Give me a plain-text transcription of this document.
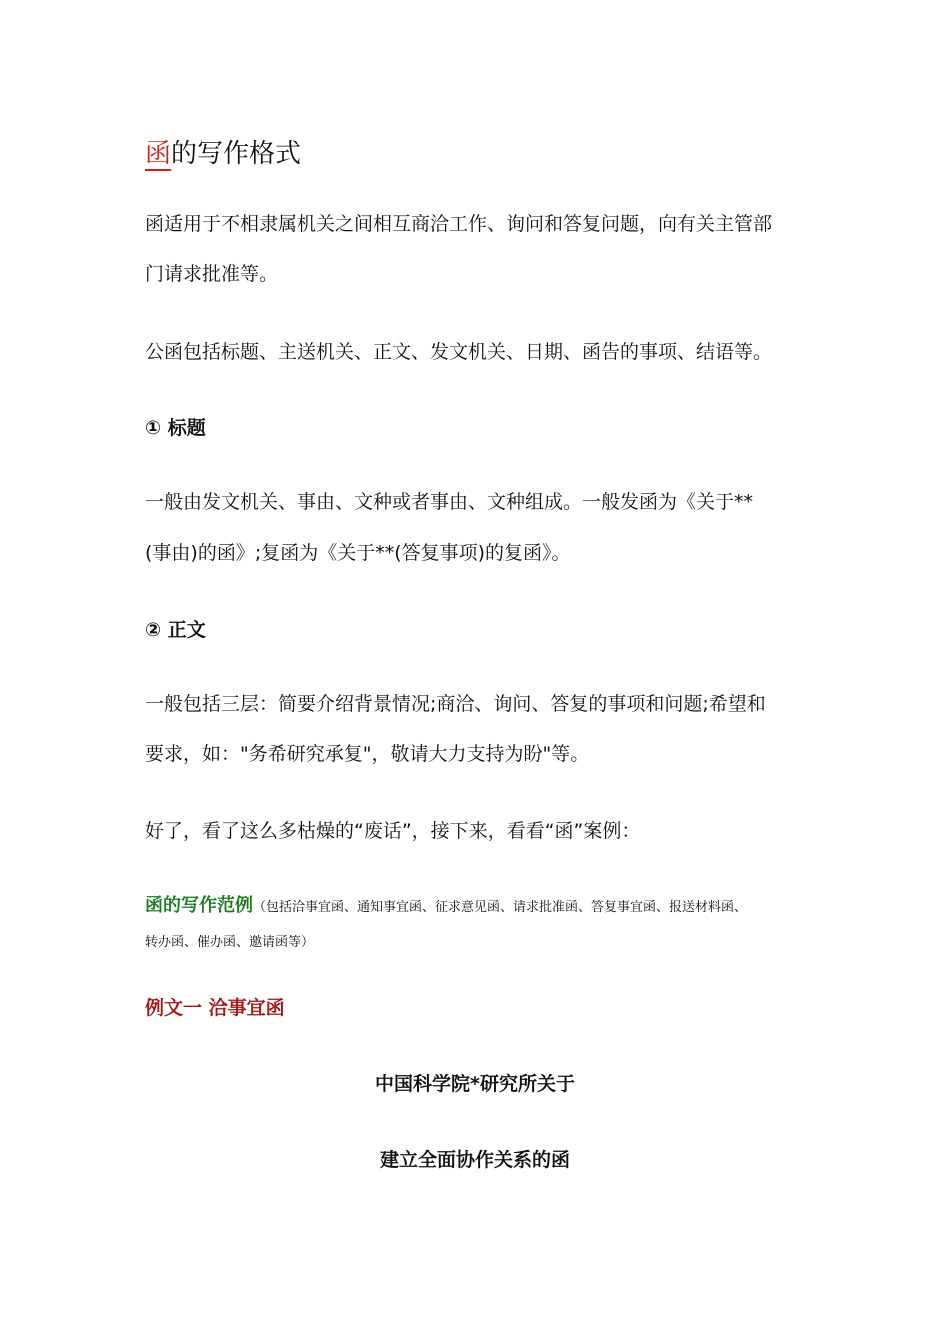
函的写作格式
函适用于不相隶属机关之间相互商洽工作、询问和答复问题，向有关主管部
门请求批准等。
公函包括标题、主送机关、正文、发文机关、日期、函告的事项、结语等。
① 标题
一般由发文机关、事由、文种或者事由、文种组成。一般发函为《关于**
(事由)的函》;复函为《关于**(答复事项)的复函》。
② 正文
一般包括三层：简要介绍背景情况;商洽、询问、答复的事项和问题;希望和
要求，如："务希研究承复"，敬请大力支持为盼"等。
好了，看了这么多枯燥的“废话”，接下来，看看“函”案例：
函的写作范例（包括洽事宜函、通知事宜函、征求意见函、请求批准函、答复事宜函、报送材料函、
转办函、催办函、邀请函等）
例文一 洽事宜函
中国科学院*研究所关于
建立全面协作关系的函
